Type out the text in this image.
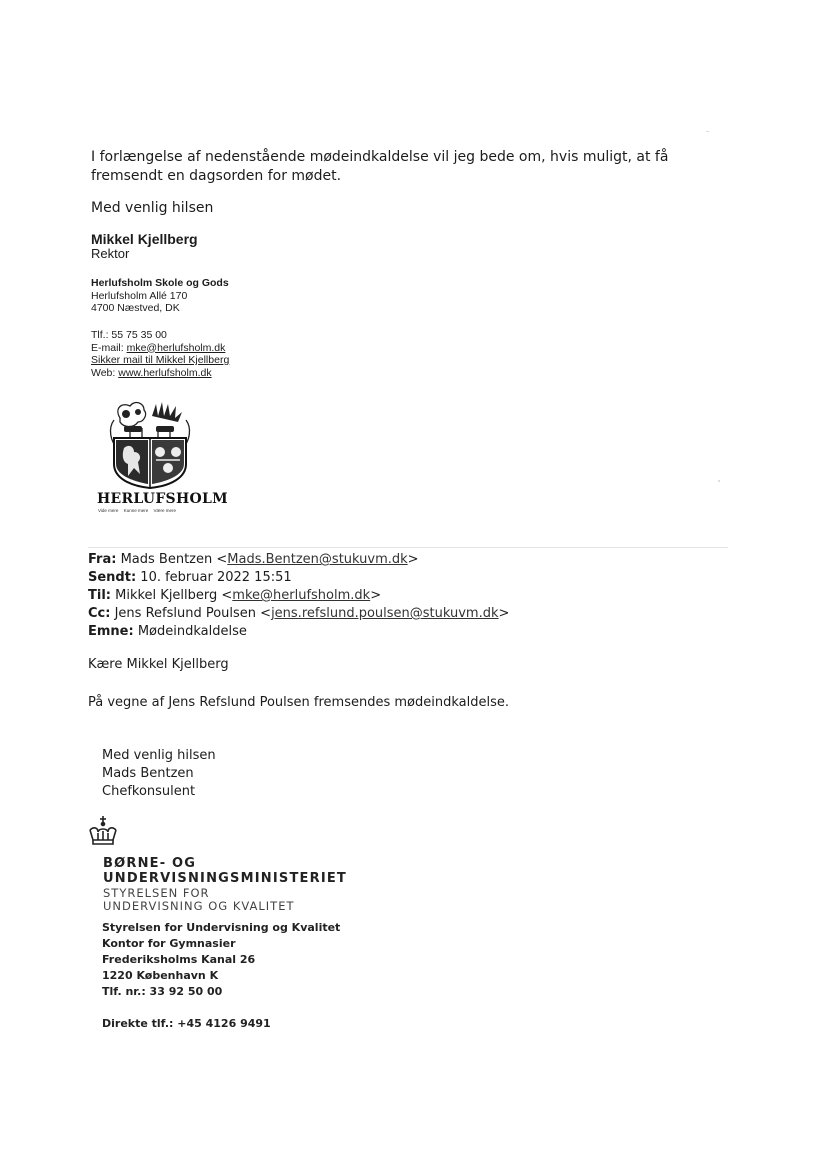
I forlængelse af nedenstående mødeindkaldelse vil jeg bede om, hvis muligt, at få fremsendt en dagsorden for mødet.
Med venlig hilsen
Mikkel Kjellberg
Rektor
Herlufsholm Skole og Gods
Herlufsholm Allé 170
4700 Næstved, DK
Tlf.: 55 75 35 00
E-mail: mke@herlufsholm.dk
Sikker mail til Mikkel Kjellberg
Web: www.herlufsholm.dk
HERLUFSHOLM
Vide mere Kunne mere Være mere
Fra: Mads Bentzen <Mads.Bentzen@stukuvm.dk>
Sendt: 10. februar 2022 15:51
Til: Mikkel Kjellberg <mke@herlufsholm.dk>
Cc: Jens Refslund Poulsen <jens.refslund.poulsen@stukuvm.dk>
Emne: Mødeindkaldelse
Kære Mikkel Kjellberg
På vegne af Jens Refslund Poulsen fremsendes mødeindkaldelse.
Med venlig hilsen
Mads Bentzen
Chefkonsulent
BØRNE- OG
UNDERVISNINGSMINISTERIET
STYRELSEN FOR
UNDERVISNING OG KVALITET
Styrelsen for Undervisning og Kvalitet
Kontor for Gymnasier
Frederiksholms Kanal 26
1220 København K
Tlf. nr.: 33 92 50 00
Direkte tlf.: +45 4126 9491
